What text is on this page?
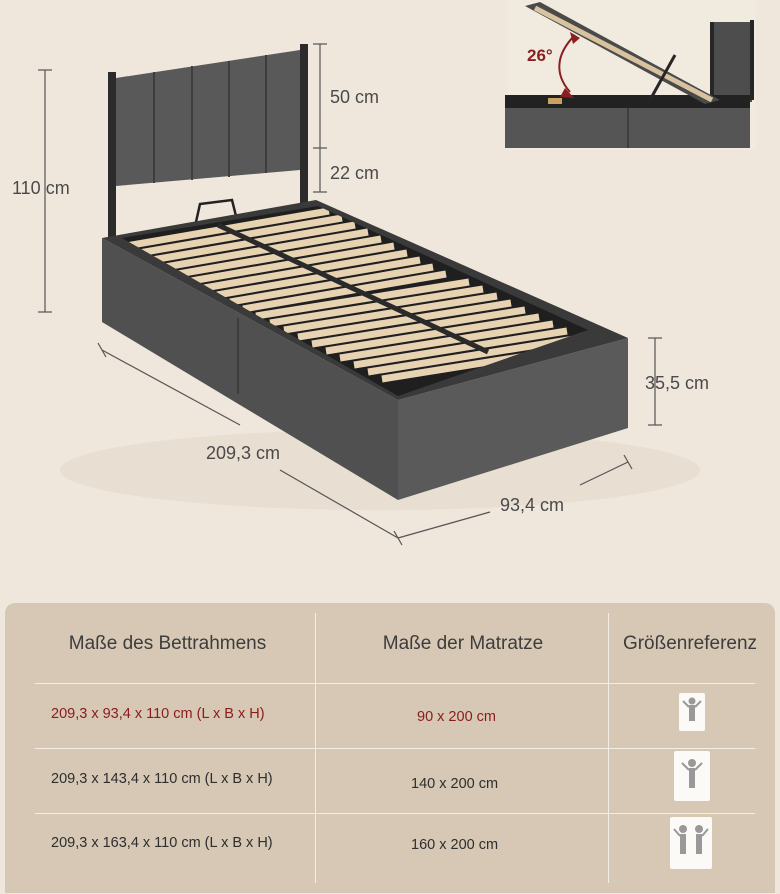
110 cm
50 cm
22 cm
35,5 cm
209,3 cm
93,4 cm
26°
Maße des Bettrahmens	Maße der Matratze	Größenreferenz
209,3 x 93,4 x 110 cm (L x B x H)	90 x 200 cm
209,3 x 143,4 x 110 cm (L x B x H)	140 x 200 cm
209,3 x 163,4 x 110 cm (L x B x H)	160 x 200 cm
